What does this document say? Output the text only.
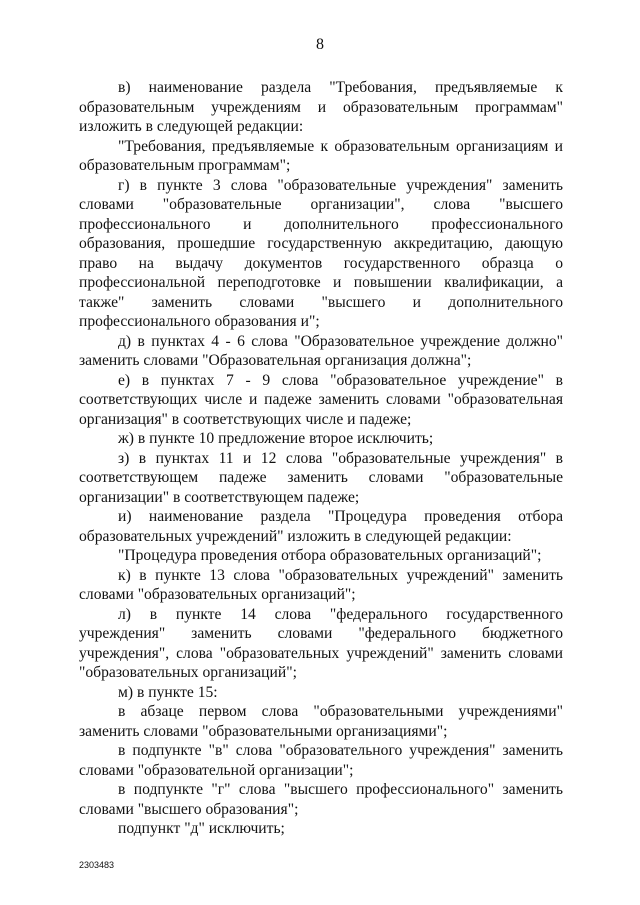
8

в) наименование раздела "Требования, предъявляемые к образовательным учреждениям и образовательным программам" изложить в следующей редакции:

"Требования, предъявляемые к образовательным организациям и образовательным программам";

г) в пункте 3 слова "образовательные учреждения" заменить словами "образовательные организации", слова "высшего профессионального и дополнительного профессионального образования, прошедшие государственную аккредитацию, дающую право на выдачу документов государственного образца о профессиональной переподготовке и повышении квалификации, а также" заменить словами "высшего и дополнительного профессионального образования и";

д) в пунктах 4 - 6 слова "Образовательное учреждение должно" заменить словами "Образовательная организация должна";

е) в пунктах 7 - 9 слова "образовательное учреждение" в соответствующих числе и падеже заменить словами "образовательная организация" в соответствующих числе и падеже;

ж) в пункте 10 предложение второе исключить;

з) в пунктах 11 и 12 слова "образовательные учреждения" в соответствующем падеже заменить словами "образовательные организации" в соответствующем падеже;

и) наименование раздела "Процедура проведения отбора образовательных учреждений" изложить в следующей редакции:

"Процедура проведения отбора образовательных организаций";

к) в пункте 13 слова "образовательных учреждений" заменить словами "образовательных организаций";

л) в пункте 14 слова "федерального государственного учреждения" заменить словами "федерального бюджетного учреждения", слова "образовательных учреждений" заменить словами "образовательных организаций";

м) в пункте 15:

в абзаце первом слова "образовательными учреждениями" заменить словами "образовательными организациями";

в подпункте "в" слова "образовательного учреждения" заменить словами "образовательной организации";

в подпункте "г" слова "высшего профессионального" заменить словами "высшего образования";

подпункт "д" исключить;

2303483
